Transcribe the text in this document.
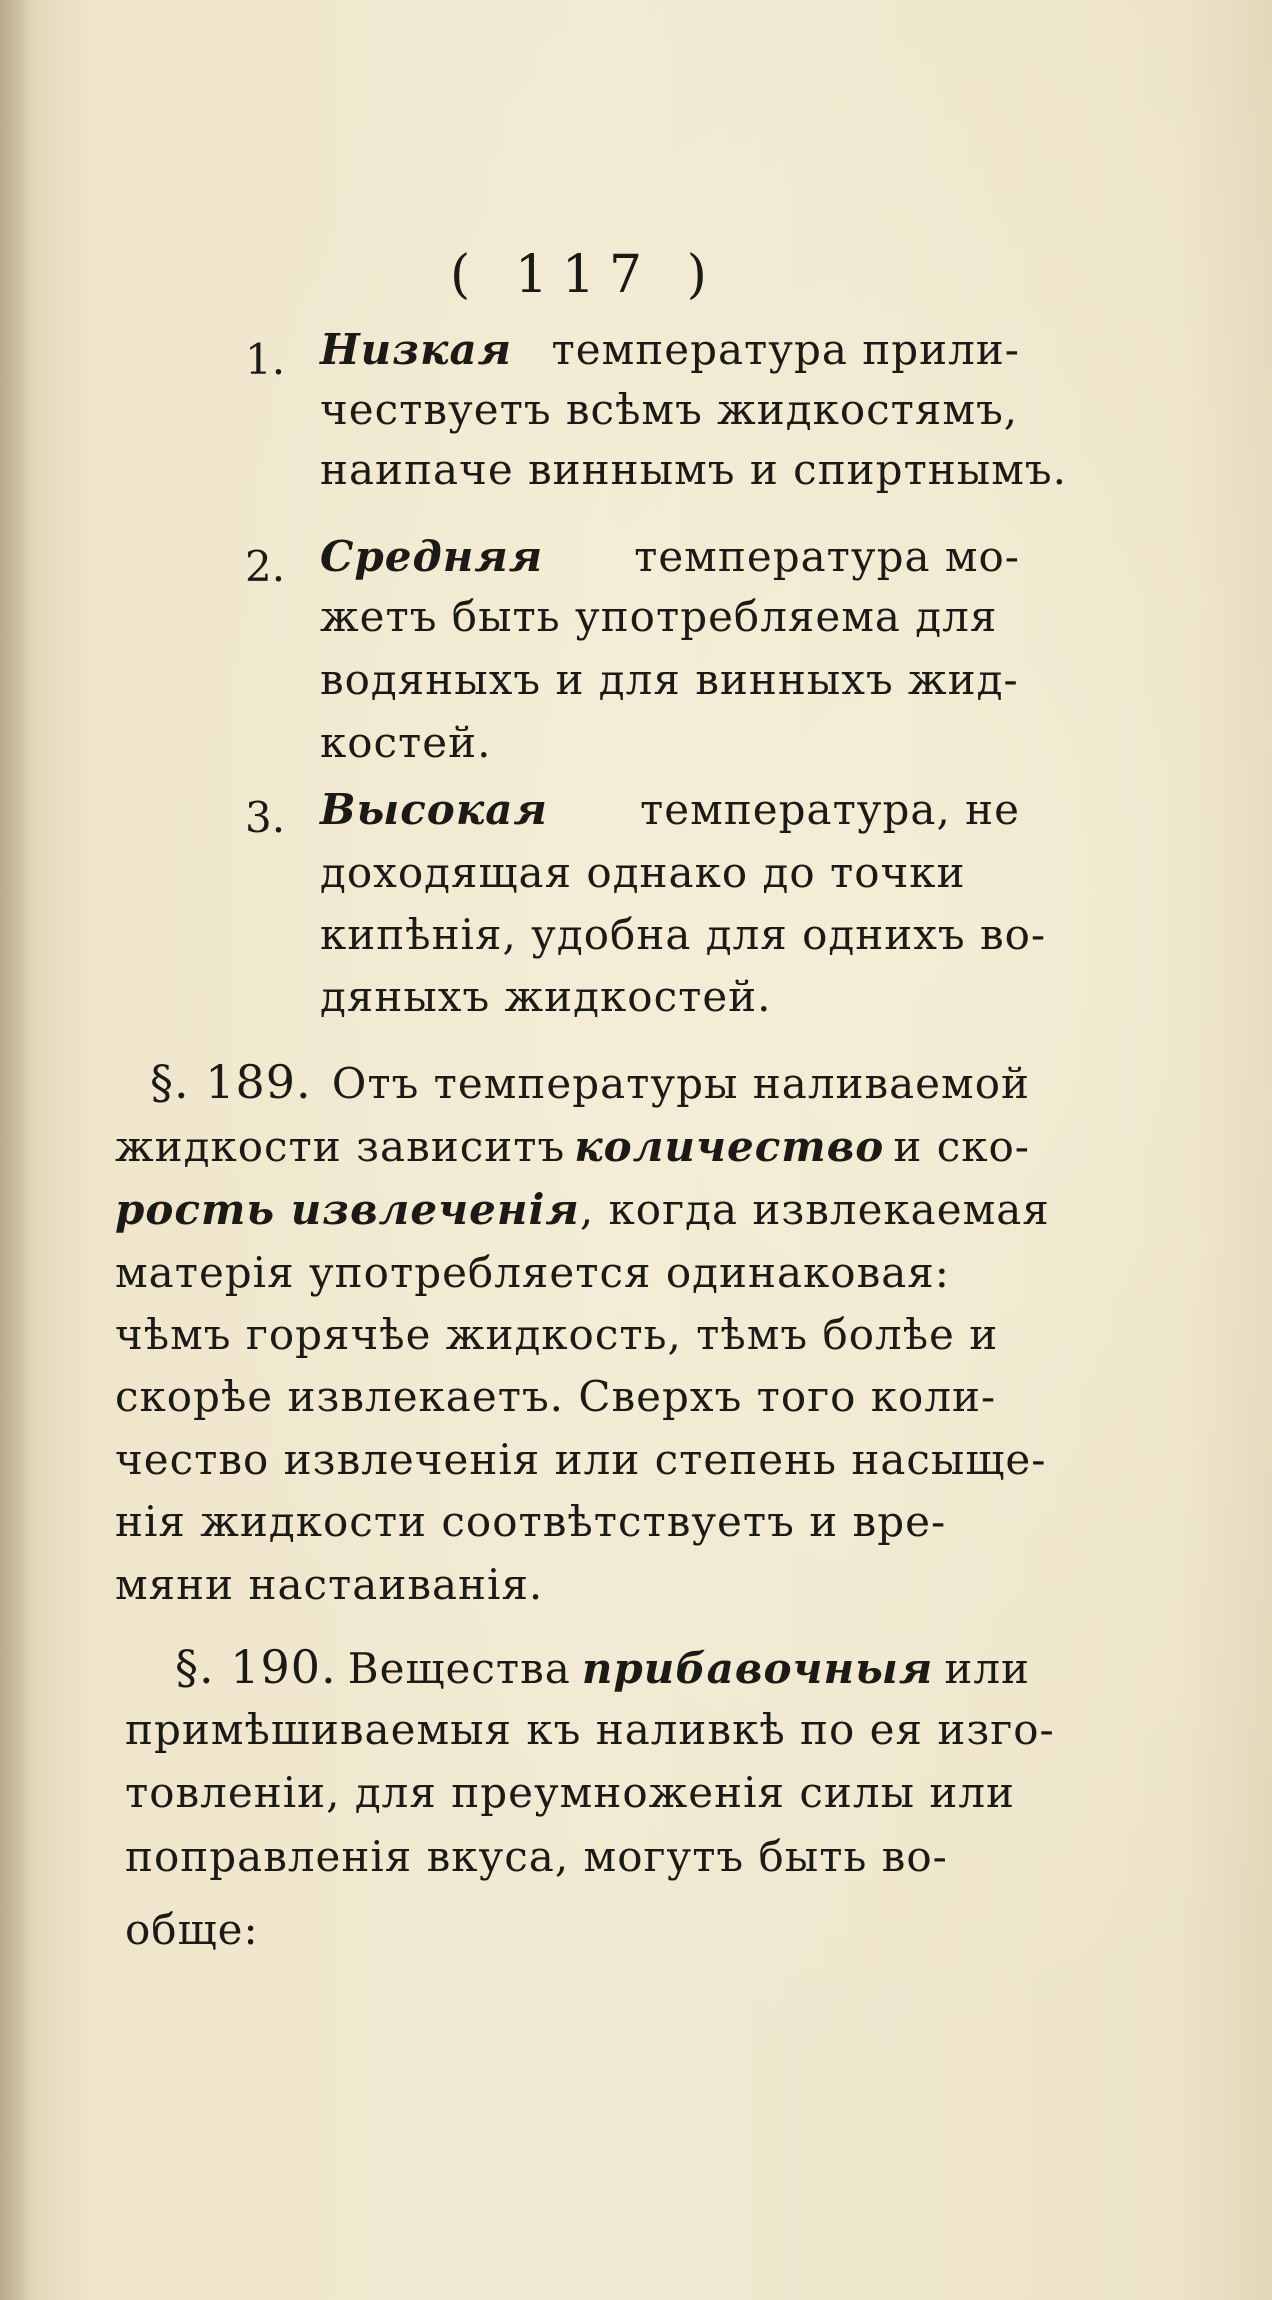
( 117 )
1. Низкая температура прили-
чествуетъ всѣмъ жидкостямъ,
наипаче виннымъ и спиртнымъ.
2. Средняя температура мо-
жетъ быть употребляема для
водяныхъ и для винныхъ жид-
костей.
3. Высокая температура, не
доходящая однако до точки
кипѣнія, удобна для однихъ во-
дяныхъ жидкостей.
§. 189. Отъ температуры наливаемой
жидкости зависитъ количество и ско-
рость извлеченія , когда извлекаемая
матерія употребляется одинаковая:
чѣмъ горячѣе жидкость, тѣмъ болѣе и
скорѣе извлекаетъ. Сверхъ того коли-
чество извлеченія или степень насыще-
нія жидкости соотвѣтствуетъ и вре-
мяни настаиванія.
§. 190. Вещества прибавочныя или
примѣшиваемыя къ наливкѣ по ея изго-
товленіи, для преумноженія силы или
поправленія вкуса, могутъ быть во-
обще:
